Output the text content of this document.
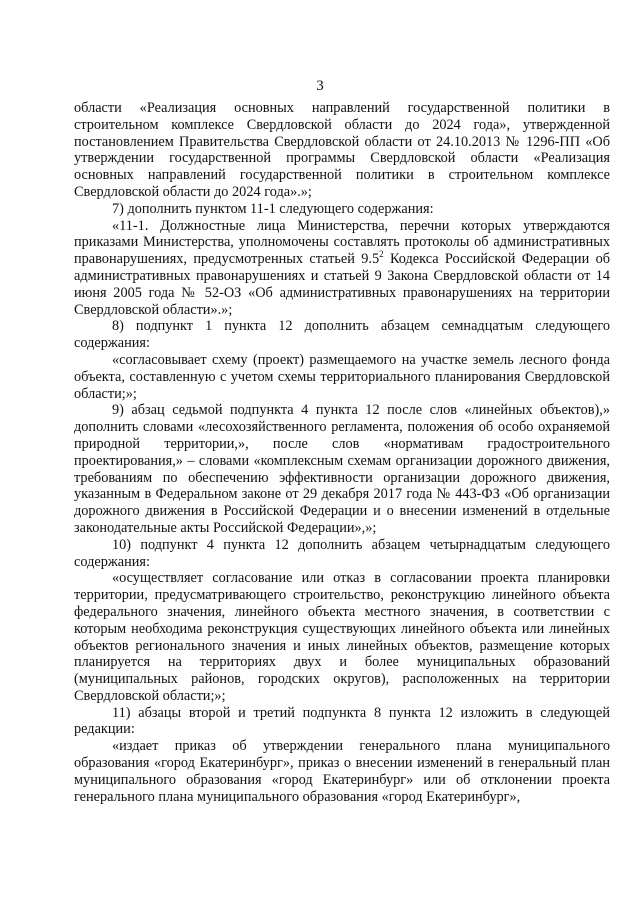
3

области «Реализация основных направлений государственной политики в строительном комплексе Свердловской области до 2024 года», утвержденной постановлением Правительства Свердловской области от 24.10.2013 № 1296-ПП «Об утверждении государственной программы Свердловской области «Реализация основных направлений государственной политики в строительном комплексе Свердловской области до 2024 года».»;

7) дополнить пунктом 11-1 следующего содержания:

«11-1. Должностные лица Министерства, перечни которых утверждаются приказами Министерства, уполномочены составлять протоколы об административных правонарушениях, предусмотренных статьей $9.5^2$ Кодекса Российской Федерации об административных правонарушениях и статьей 9 Закона Свердловской области от 14 июня 2005 года № 52-ОЗ «Об административных правонарушениях на территории Свердловской области».»;

8) подпункт 1 пункта 12 дополнить абзацем семнадцатым следующего содержания:

«согласовывает схему (проект) размещаемого на участке земель лесного фонда объекта, составленную с учетом схемы территориального планирования Свердловской области;»;

9) абзац седьмой подпункта 4 пункта 12 после слов «линейных объектов),» дополнить словами «лесохозяйственного регламента, положения об особо охраняемой природной территории,», после слов «нормативам градостроительного проектирования,» – словами «комплексным схемам организации дорожного движения, требованиям по обеспечению эффективности организации дорожного движения, указанным в Федеральном законе от 29 декабря 2017 года № 443-ФЗ «Об организации дорожного движения в Российской Федерации и о внесении изменений в отдельные законодательные акты Российской Федерации»,»;

10) подпункт 4 пункта 12 дополнить абзацем четырнадцатым следующего содержания:

«осуществляет согласование или отказ в согласовании проекта планировки территории, предусматривающего строительство, реконструкцию линейного объекта федерального значения, линейного объекта местного значения, в соответствии с которым необходима реконструкция существующих линейного объекта или линейных объектов регионального значения и иных линейных объектов, размещение которых планируется на территориях двух и более муниципальных образований (муниципальных районов, городских округов), расположенных на территории Свердловской области;»;

11) абзацы второй и третий подпункта 8 пункта 12 изложить в следующей редакции:

«издает приказ об утверждении генерального плана муниципального образования «город Екатеринбург», приказ о внесении изменений в генеральный план муниципального образования «город Екатеринбург» или об отклонении проекта генерального плана муниципального образования «город Екатеринбург»,
